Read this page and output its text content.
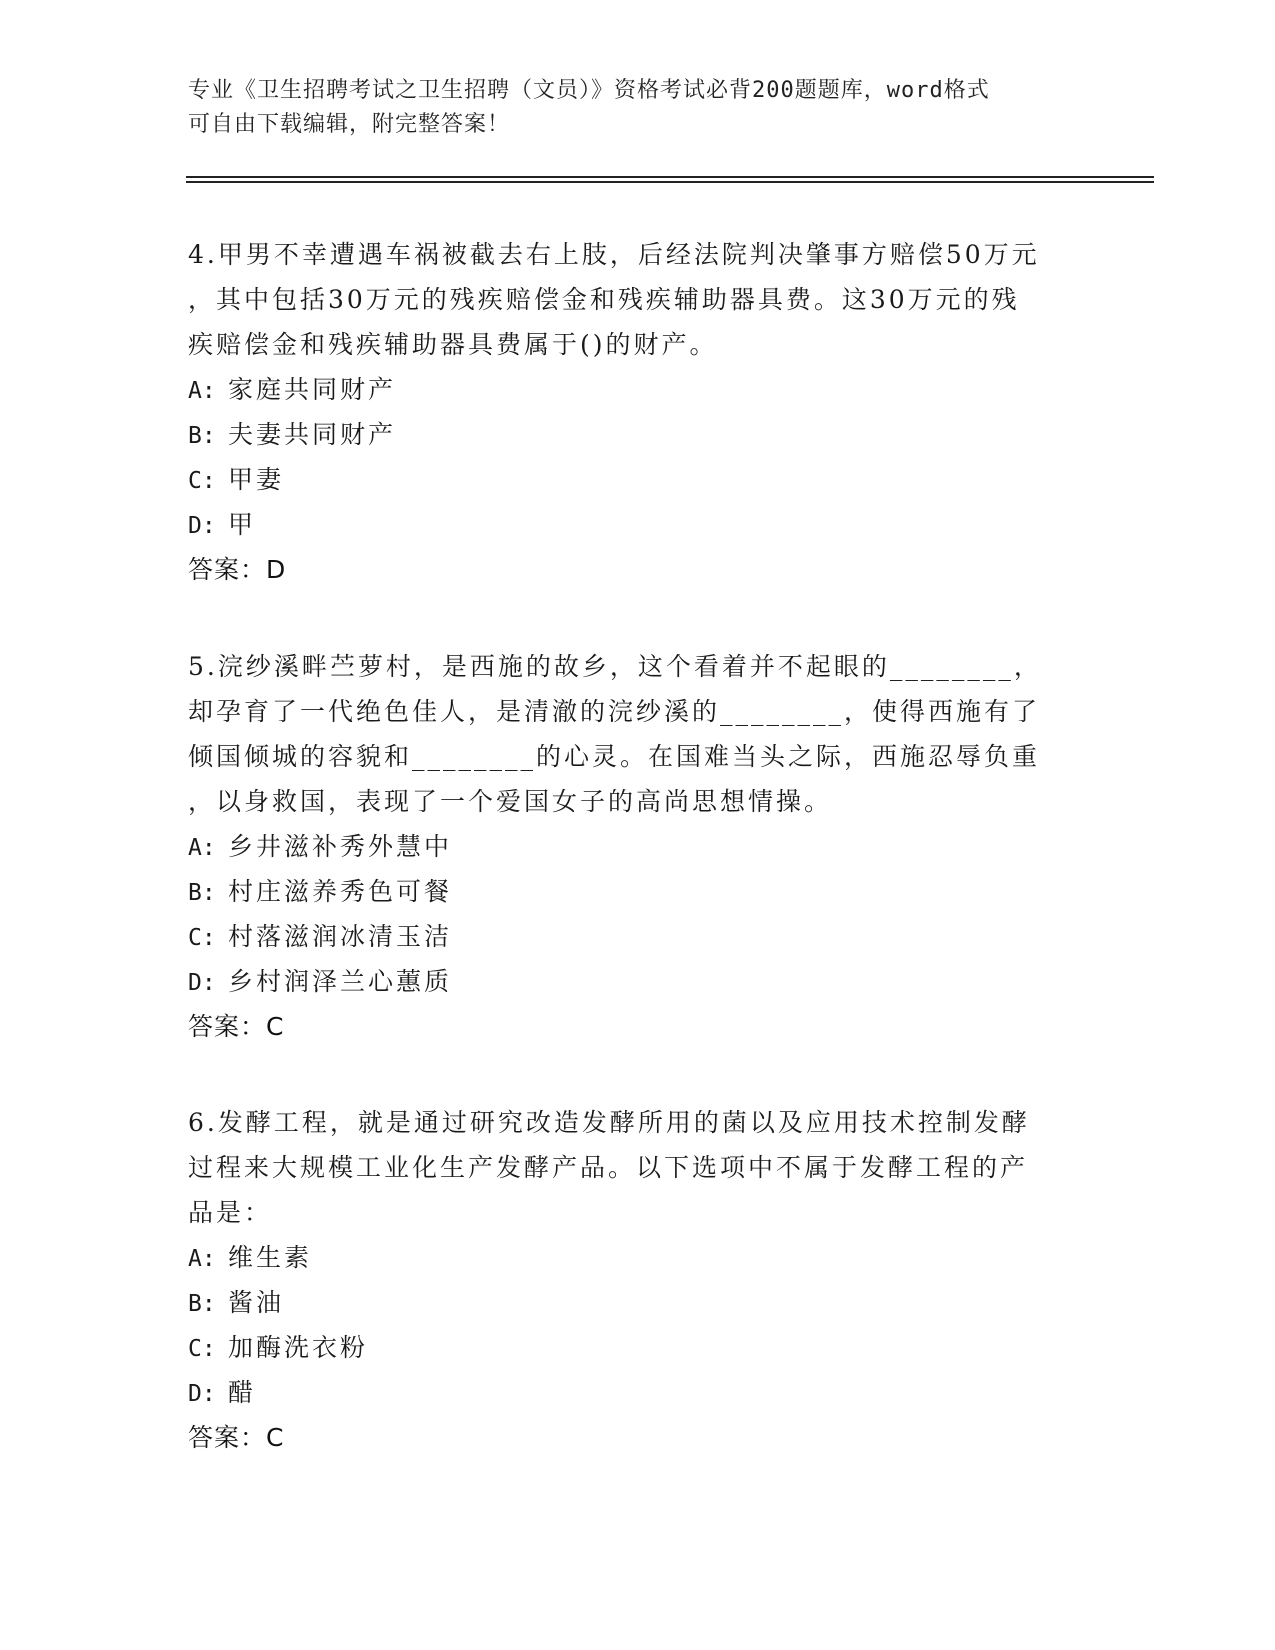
专业《卫生招聘考试之卫生招聘（文员）》资格考试必背200题题库，word格式
可自由下载编辑，附完整答案！
4.甲男不幸遭遇车祸被截去右上肢，后经法院判决肇事方赔偿50万元
，其中包括30万元的残疾赔偿金和残疾辅助器具费。这30万元的残
疾赔偿金和残疾辅助器具费属于()的财产。
A: 家庭共同财产
B: 夫妻共同财产
C: 甲妻
D: 甲
答案：D
5.浣纱溪畔苎萝村，是西施的故乡，这个看着并不起眼的________，
却孕育了一代绝色佳人，是清澈的浣纱溪的________，使得西施有了
倾国倾城的容貌和________的心灵。在国难当头之际，西施忍辱负重
，以身救国，表现了一个爱国女子的高尚思想情操。
A: 乡井滋补秀外慧中
B: 村庄滋养秀色可餐
C: 村落滋润冰清玉洁
D: 乡村润泽兰心蕙质
答案：C
6.发酵工程，就是通过研究改造发酵所用的菌以及应用技术控制发酵
过程来大规模工业化生产发酵产品。以下选项中不属于发酵工程的产
品是：
A: 维生素
B: 酱油
C: 加酶洗衣粉
D: 醋
答案：C
